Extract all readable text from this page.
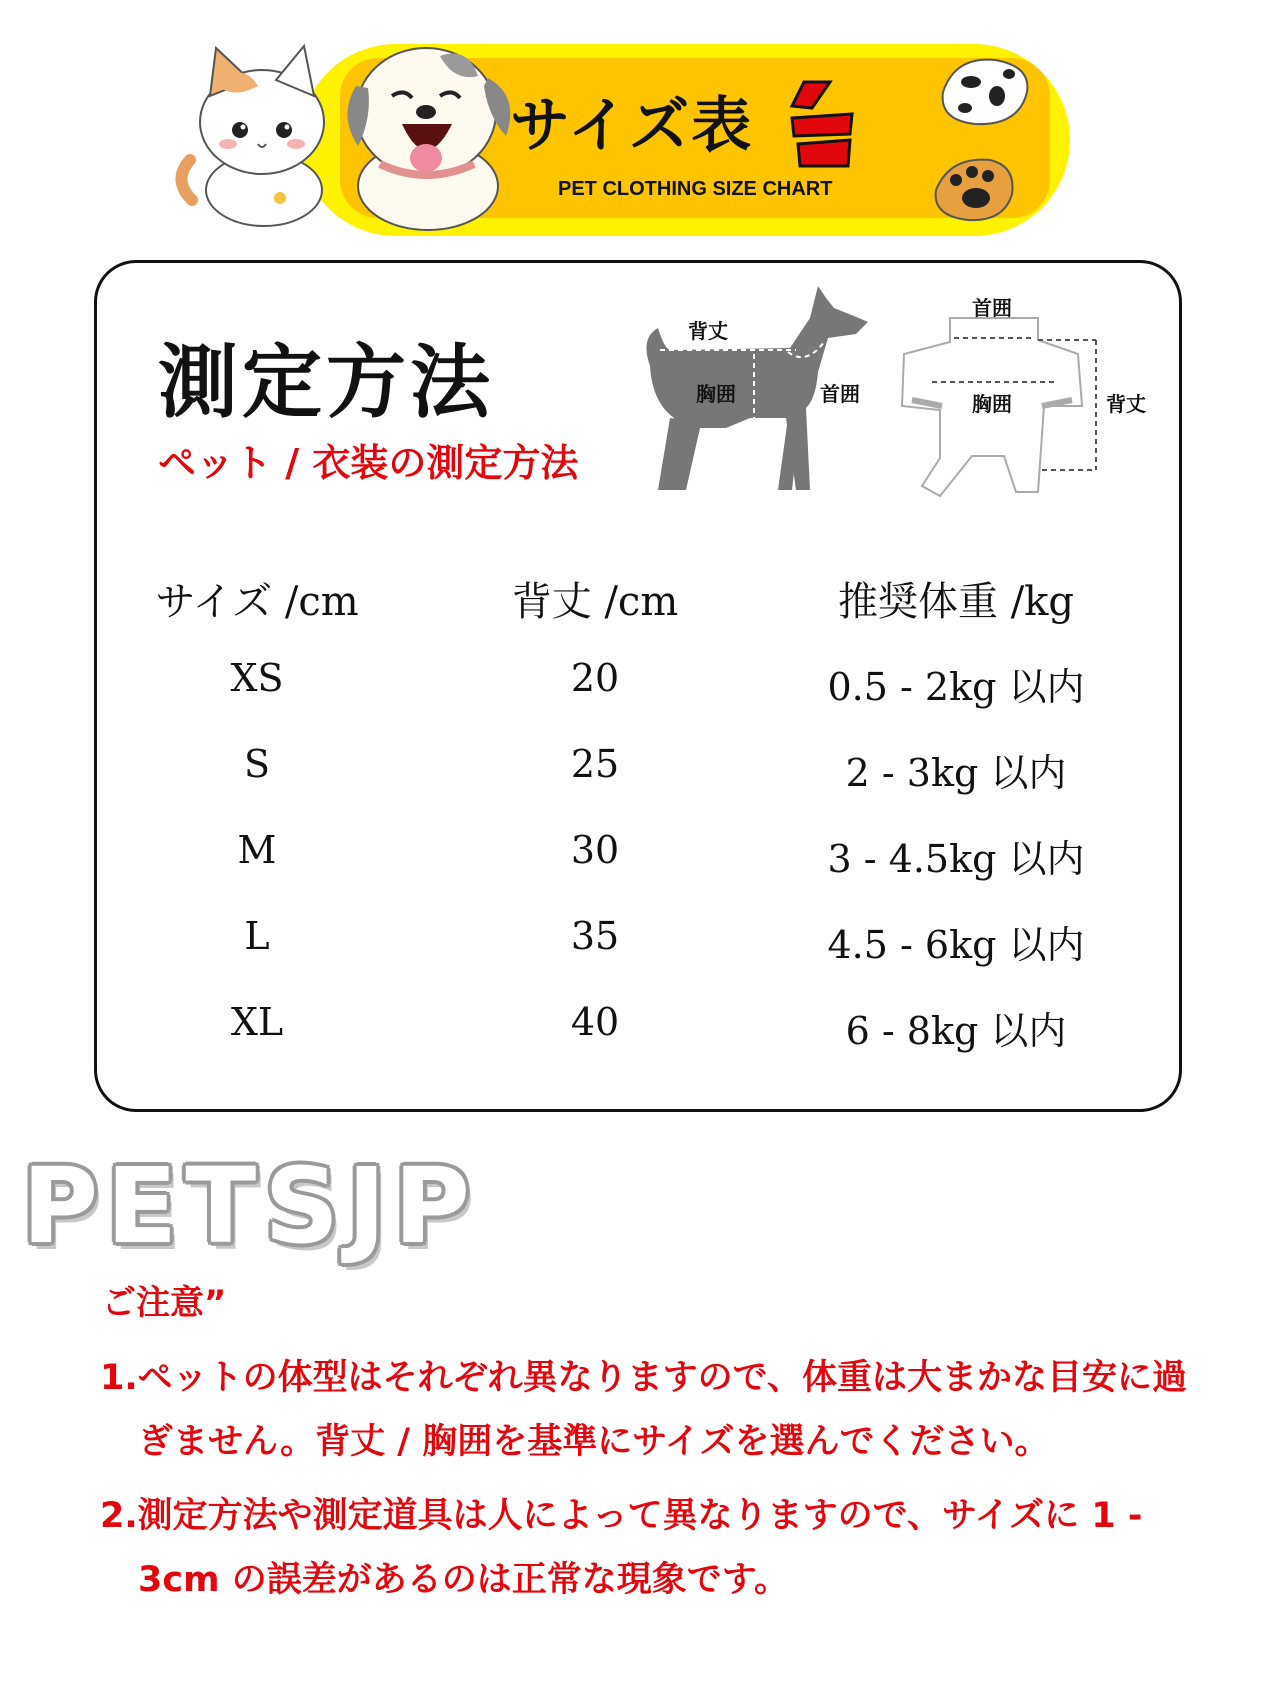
サイズ表
PET CLOTHING SIZE CHART
測定方法
ペット / 衣装の測定方法
背丈
胸囲	首囲
首囲
胸囲	背丈
サイズ /cm	背丈 /cm	推奨体重 /kg
XS	20	0.5 - 2kg 以内
S	25	2 - 3kg 以内
M	30	3 - 4.5kg 以内
L	35	4.5 - 6kg 以内
XL	40	6 - 8kg 以内
PETSJP
ご注意”

1.ペットの体型はそれぞれ異なりますので、体重は大まかな目安に過ぎません。背丈 / 胸囲を基準にサイズを選んでください。

2.測定方法や測定道具は人によって異なりますので、サイズに 1 - 3cm の誤差があるのは正常な現象です。
